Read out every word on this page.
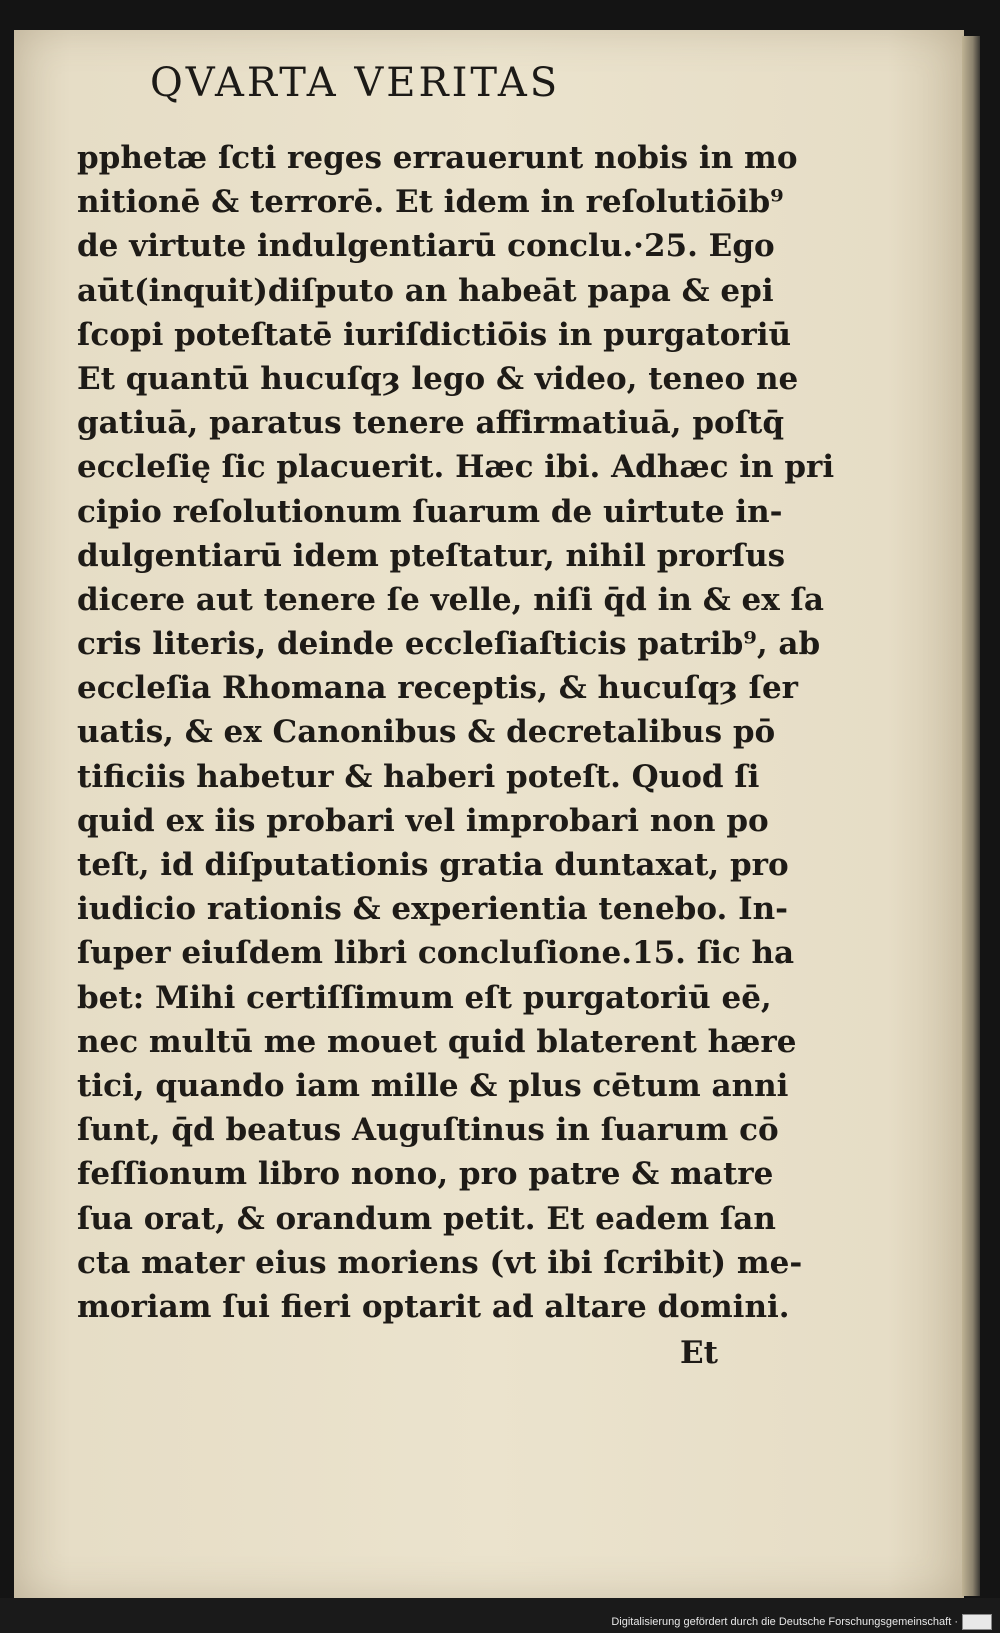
QVARTA VERITAS
pphetæ ſcti reges errauerunt nobis in mo
nitionē & terrorē. Et idem in reſolutiōib⁹
de virtute indulgentiarū conclu.·25. Ego
aūt(inquit)diſputo an habeāt papa & epi
ſcopi poteſtatē iuriſdictiōis in purgatoriū
Et quantū hucuſqȝ lego & video, teneo ne
gatiuā, paratus tenere affirmatiuā, poſtq̄
eccleſię ſic placuerit. Hæc ibi. Adhæc in pri
cipio reſolutionum ſuarum de uirtute in-
dulgentiarū idem pteſtatur, nihil prorſus
dicere aut tenere ſe velle, niſi q̄d in & ex ſa
cris literis, deinde eccleſiaſticis patrib⁹, ab
eccleſia Rhomana receptis, & hucuſqȝ ſer
uatis, & ex Canonibus & decretalibus pō
tificiis habetur & haberi poteſt. Quod ſi
quid ex iis probari vel improbari non po
teſt, id diſputationis gratia duntaxat, pro
iudicio rationis & experientia tenebo. In-
ſuper eiuſdem libri concluſione.15. ſic ha
bet: Mihi certiſſimum eſt purgatoriū eē,
nec multū me mouet quid blaterent hære
tici, quando iam mille & plus cētum anni
ſunt, q̄d beatus Auguſtinus in ſuarum cō
feſſionum libro nono, pro patre & matre
ſua orat, & orandum petit. Et eadem ſan
cta mater eius moriens (vt ibi ſcribit) me-
moriam ſui fieri optarit ad altare domini.
Et
Digitalisierung gefördert durch die Deutsche Forschungsgemeinschaft ·
